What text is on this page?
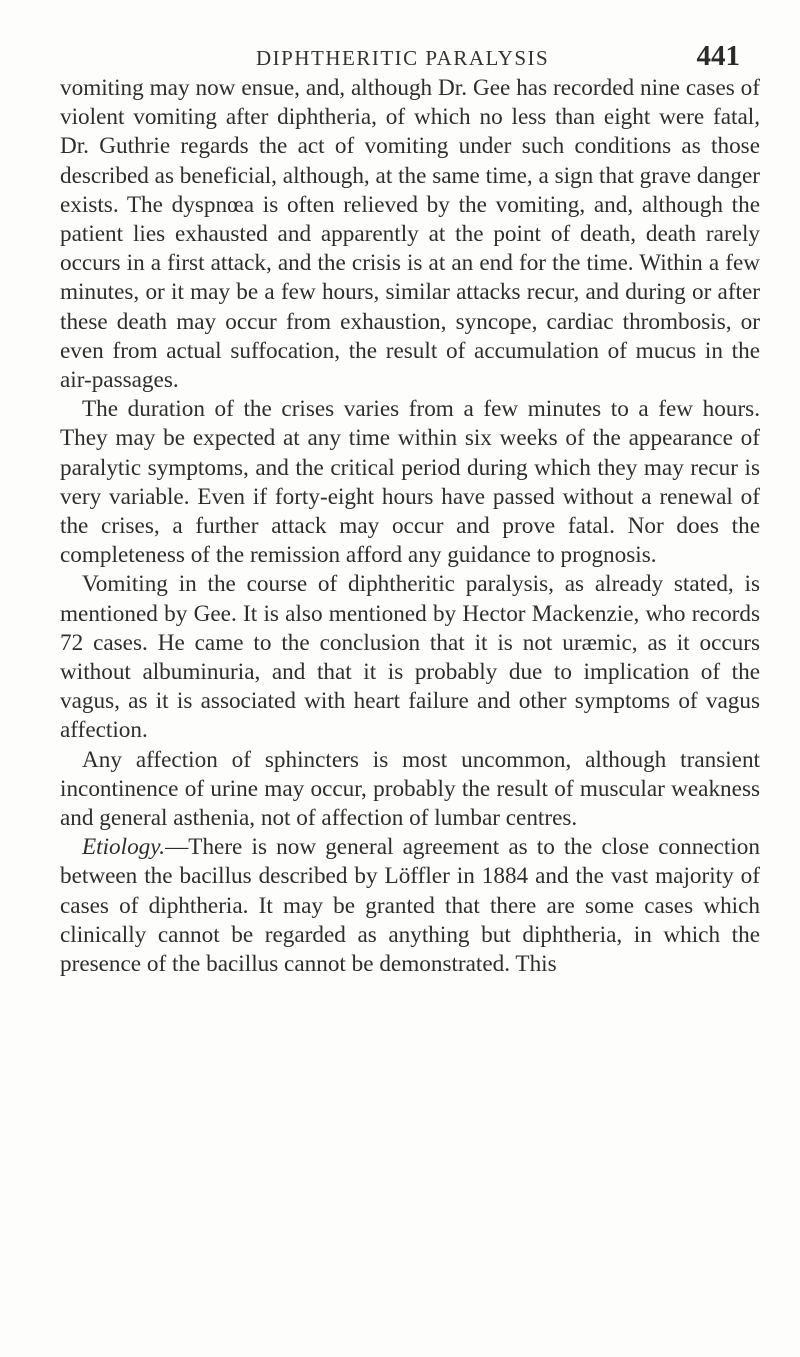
DIPHTHERITIC PARALYSIS	441

vomiting may now ensue, and, although Dr. Gee has recorded nine cases of violent vomiting after diphtheria, of which no less than eight were fatal, Dr. Guthrie regards the act of vomiting under such conditions as those described as beneficial, although, at the same time, a sign that grave danger exists. The dyspnœa is often relieved by the vomiting, and, although the patient lies exhausted and apparently at the point of death, death rarely occurs in a first attack, and the crisis is at an end for the time. Within a few minutes, or it may be a few hours, similar attacks recur, and during or after these death may occur from exhaustion, syncope, cardiac thrombosis, or even from actual suffocation, the result of accumulation of mucus in the air-passages.

The duration of the crises varies from a few minutes to a few hours. They may be expected at any time within six weeks of the appearance of paralytic symptoms, and the critical period during which they may recur is very variable. Even if forty-eight hours have passed without a renewal of the crises, a further attack may occur and prove fatal. Nor does the completeness of the remission afford any guidance to prognosis.

Vomiting in the course of diphtheritic paralysis, as already stated, is mentioned by Gee. It is also mentioned by Hector Mackenzie, who records 72 cases. He came to the conclusion that it is not uræmic, as it occurs without albuminuria, and that it is probably due to implication of the vagus, as it is associated with heart failure and other symptoms of vagus affection.

Any affection of sphincters is most uncommon, although transient incontinence of urine may occur, probably the result of muscular weakness and general asthenia, not of affection of lumbar centres.

Etiology.—There is now general agreement as to the close connection between the bacillus described by Löffler in 1884 and the vast majority of cases of diphtheria. It may be granted that there are some cases which clinically cannot be regarded as anything but diphtheria, in which the presence of the bacillus cannot be demonstrated. This
